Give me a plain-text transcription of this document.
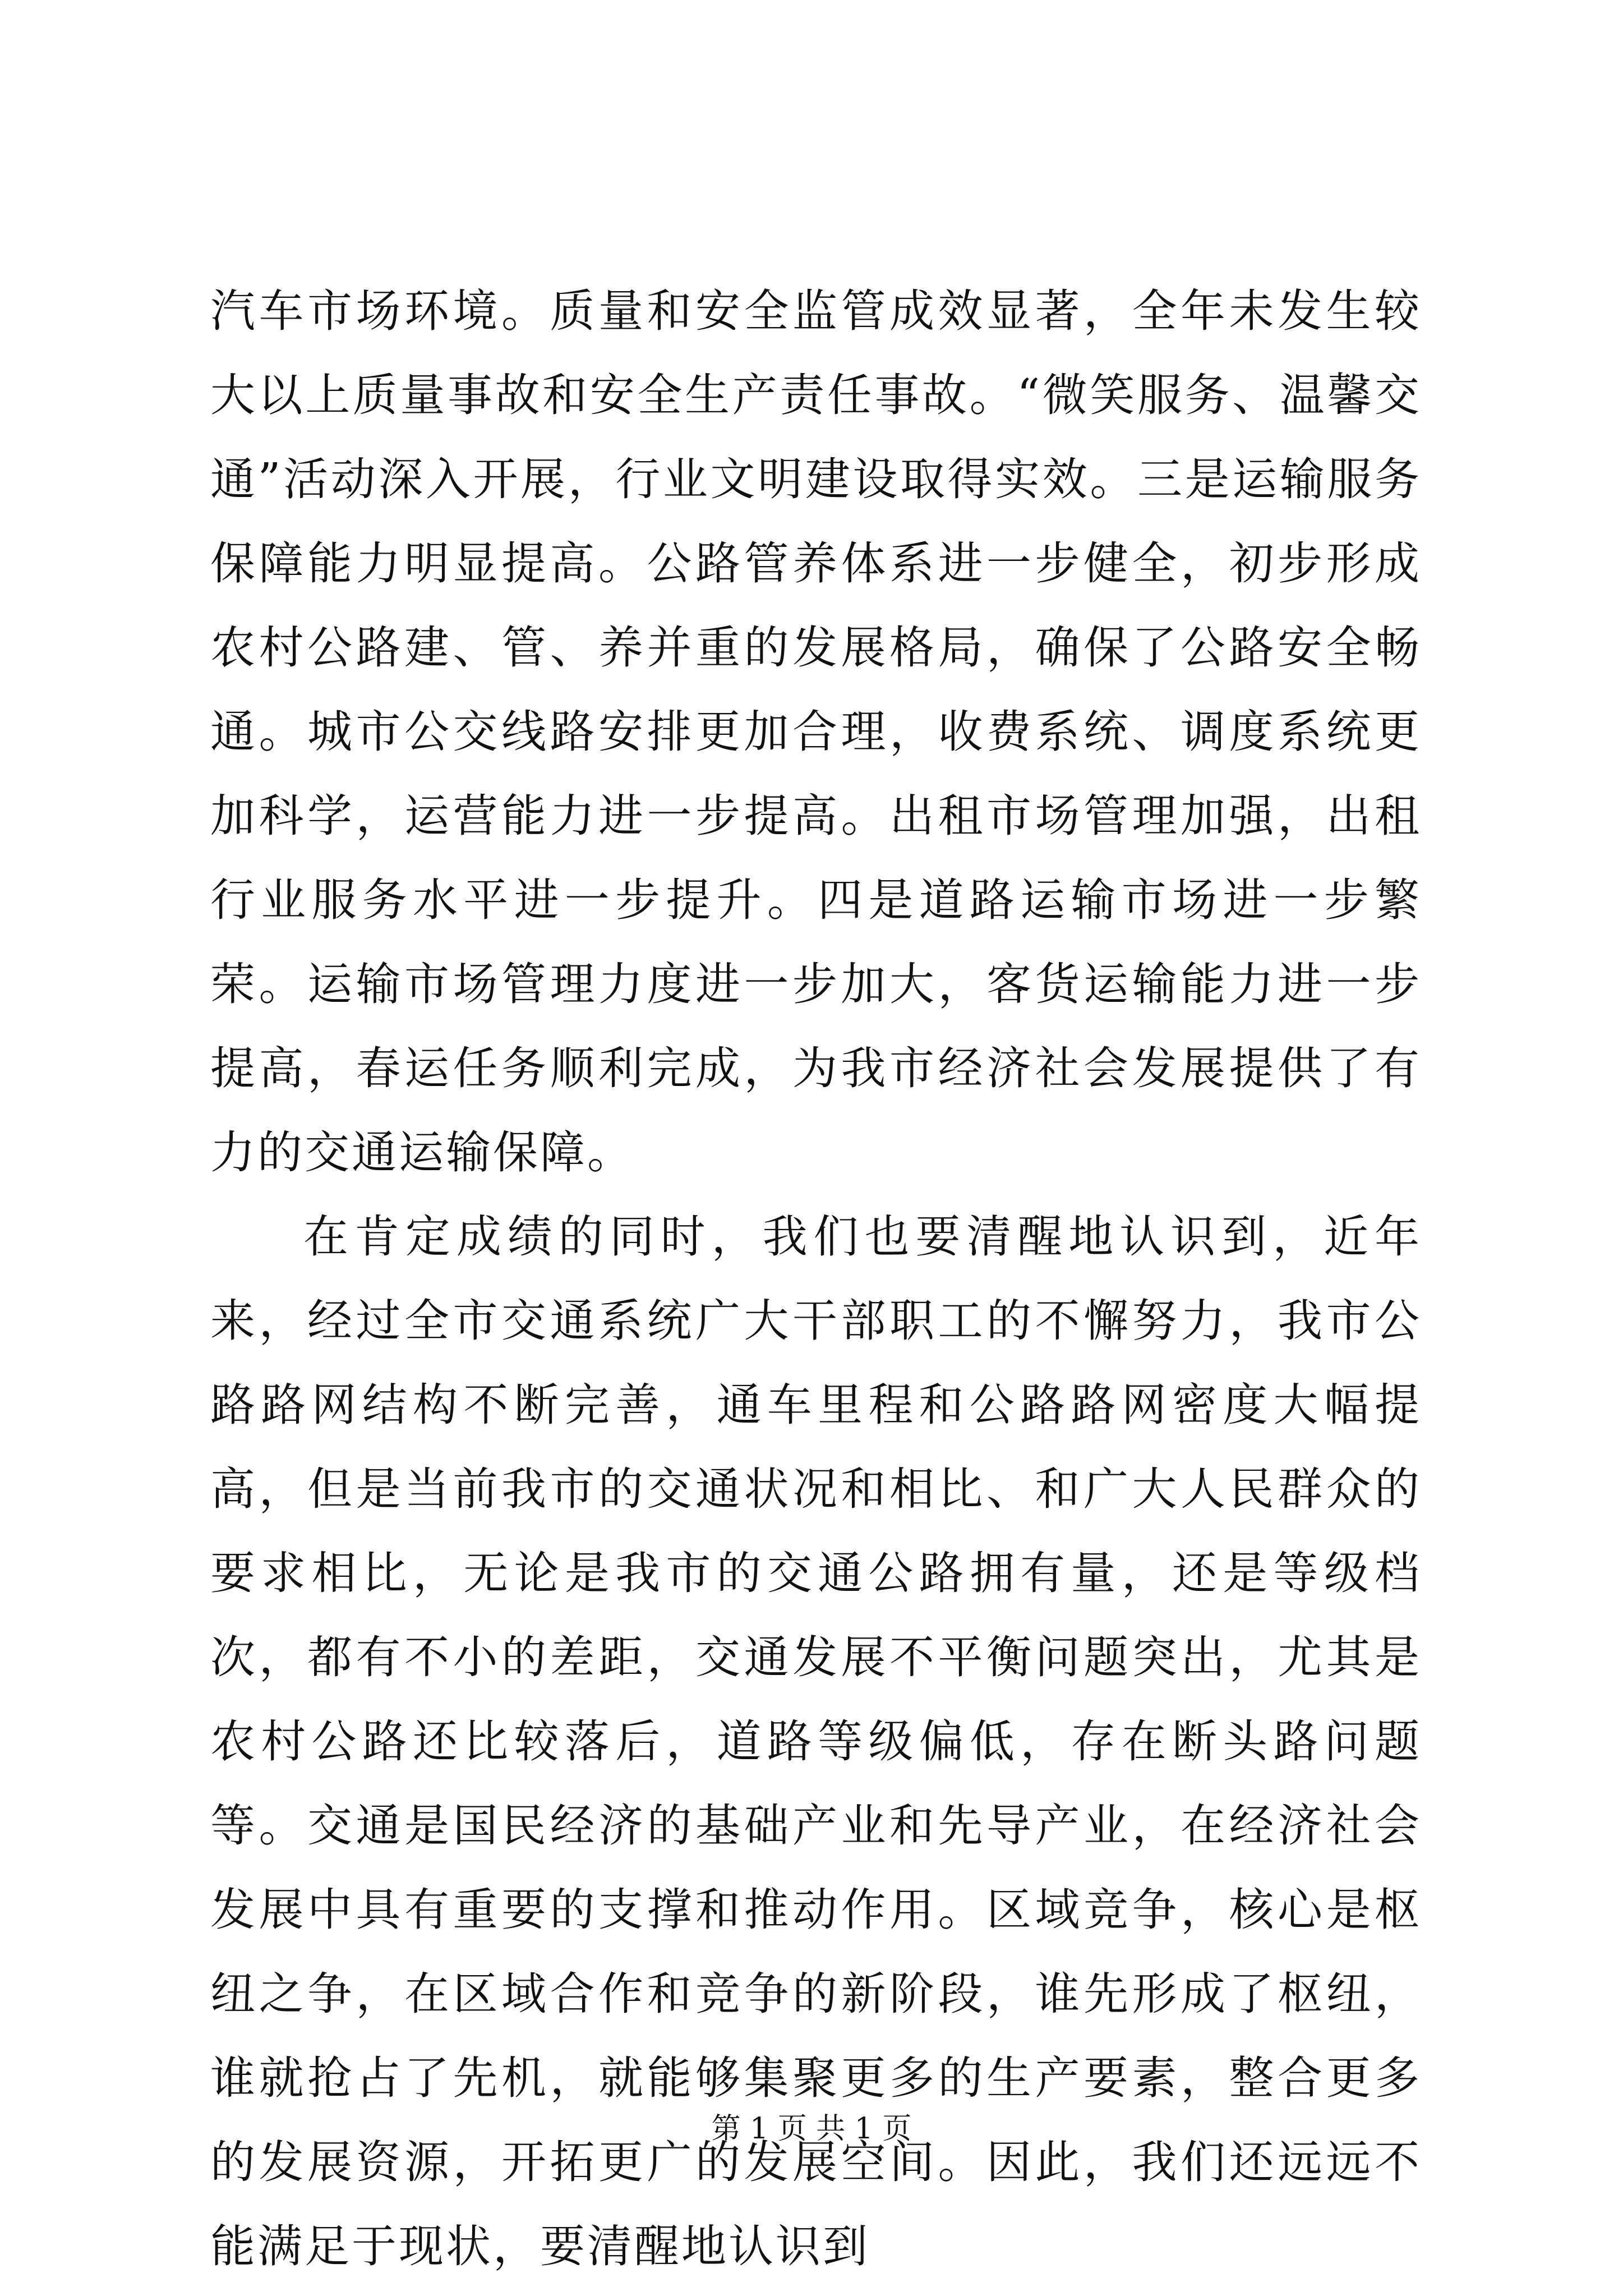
汽车市场环境。质量和安全监管成效显著，全年未发生较大以上质量事故和安全生产责任事故。“微笑服务、温馨交通”活动深入开展，行业文明建设取得实效。三是运输服务保障能力明显提高。公路管养体系进一步健全，初步形成农村公路建、管、养并重的发展格局，确保了公路安全畅通。城市公交线路安排更加合理，收费系统、调度系统更加科学，运营能力进一步提高。出租市场管理加强，出租行业服务水平进一步提升。四是道路运输市场进一步繁荣。运输市场管理力度进一步加大，客货运输能力进一步提高，春运任务顺利完成，为我市经济社会发展提供了有力的交通运输保障。

在肯定成绩的同时，我们也要清醒地认识到，近年来，经过全市交通系统广大干部职工的不懈努力，我市公路路网结构不断完善，通车里程和公路路网密度大幅提高，但是当前我市的交通状况和相比、和广大人民群众的要求相比，无论是我市的交通公路拥有量，还是等级档次，都有不小的差距，交通发展不平衡问题突出，尤其是农村公路还比较落后，道路等级偏低，存在断头路问题等。交通是国民经济的基础产业和先导产业，在经济社会发展中具有重要的支撑和推动作用。区域竞争，核心是枢纽之争，在区域合作和竞争的新阶段，谁先形成了枢纽，谁就抢占了先机，就能够集聚更多的生产要素，整合更多的发展资源，开拓更广的发展空间。因此，我们还远远不能满足于现状，要清醒地认识到

第 1 页 共 1 页
